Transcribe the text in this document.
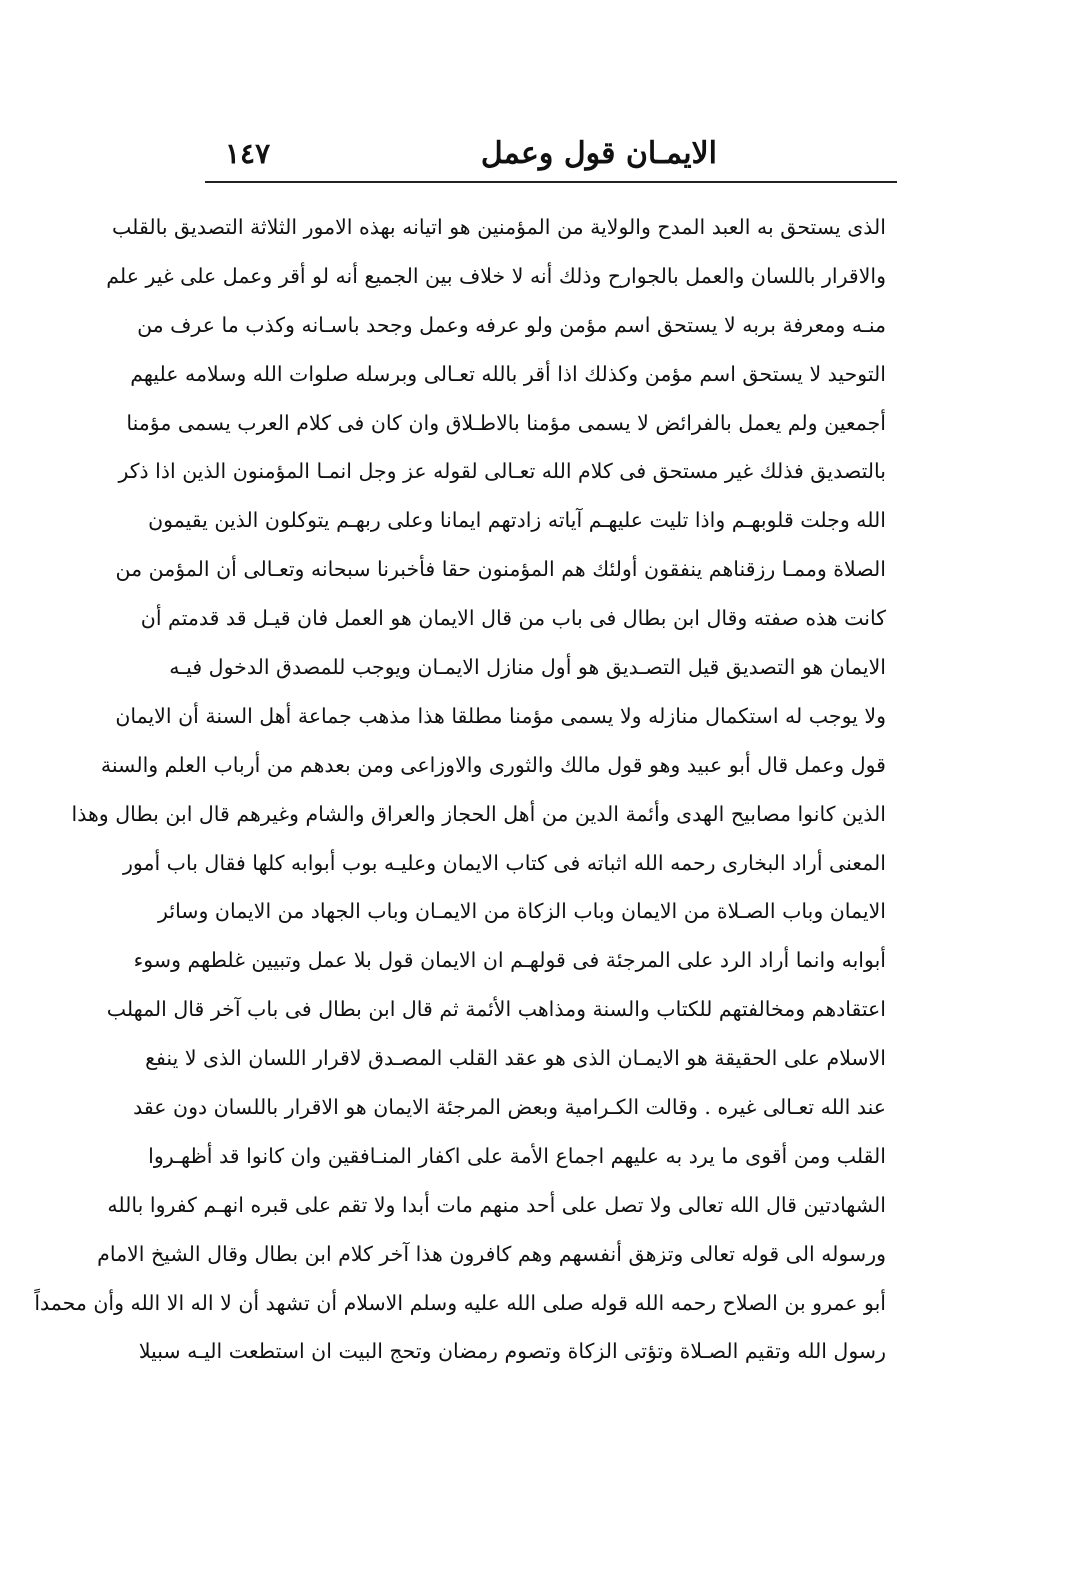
الايمـان قول وعمل
١٤٧
الذى يستحق به العبد المدح والولاية من المؤمنين هو اتيانه بهذه الامور الثلاثة التصديق بالقلب
والاقرار باللسان والعمل بالجوارح وذلك أنه لا خلاف بين الجميع أنه لو أقر وعمل على غير علم
منـه ومعرفة بربه لا يستحق اسم مؤمن ولو عرفه وعمل وجحد باسـانه وكذب ما عرف من
التوحيد لا يستحق اسم مؤمن وكذلك اذا أقر بالله تعـالى وبرسله صلوات الله وسلامه عليهم
أجمعين ولم يعمل بالفرائض لا يسمى مؤمنا بالاطـلاق وان كان فى كلام العرب يسمى مؤمنا
بالتصديق فذلك غير مستحق فى كلام الله تعـالى لقوله عز وجل انمـا المؤمنون الذين اذا ذكر
الله وجلت قلوبهـم واذا تليت عليهـم آياته زادتهم ايمانا وعلى ربهـم يتوكلون الذين يقيمون
الصلاة وممـا رزقناهم ينفقون أولئك هم المؤمنون حقا فأخبرنا سبحانه وتعـالى أن المؤمن من
كانت هذه صفته وقال ابن بطال فى باب من قال الايمان هو العمل فان قيـل قد قدمتم أن
الايمان هو التصديق قيل التصـديق هو أول منازل الايمـان ويوجب للمصدق الدخول فيـه
ولا يوجب له استكمال منازله ولا يسمى مؤمنا مطلقا هذا مذهب جماعة أهل السنة أن الايمان
قول وعمل قال أبو عبيد وهو قول مالك والثورى والاوزاعى ومن بعدهم من أرباب العلم والسنة
الذين كانوا مصابيح الهدى وأئمة الدين من أهل الحجاز والعراق والشام وغيرهم قال ابن بطال وهذا
المعنى أراد البخارى رحمه الله اثباته فى كتاب الايمان وعليـه بوب أبوابه كلها فقال باب أمور
الايمان وباب الصـلاة من الايمان وباب الزكاة من الايمـان وباب الجهاد من الايمان وسائر
أبوابه وانما أراد الرد على المرجئة فى قولهـم ان الايمان قول بلا عمل وتبيين غلطهم وسوء
اعتقادهم ومخالفتهم للكتاب والسنة ومذاهب الأئمة ثم قال ابن بطال فى باب آخر قال المهلب
الاسلام على الحقيقة هو الايمـان الذى هو عقد القلب المصـدق لاقرار اللسان الذى لا ينفع
عند الله تعـالى غيره . وقالت الكـرامية وبعض المرجئة الايمان هو الاقرار باللسان دون عقد
القلب ومن أقوى ما يرد به عليهم اجماع الأمة على اكفار المنـافقين وان كانوا قد أظهـروا
الشهادتين قال الله تعالى ولا تصل على أحد منهم مات أبدا ولا تقم على قبره انهـم كفروا بالله
ورسوله الى قوله تعالى وتزهق أنفسهم وهم كافرون هذا آخر كلام ابن بطال وقال الشيخ الامام
أبو عمرو بن الصلاح رحمه الله قوله صلى الله عليه وسلم الاسلام أن تشهد أن لا اله الا الله وأن محمداً
رسول الله وتقيم الصـلاة وتؤتى الزكاة وتصوم رمضان وتحج البيت ان استطعت اليـه سبيلا
